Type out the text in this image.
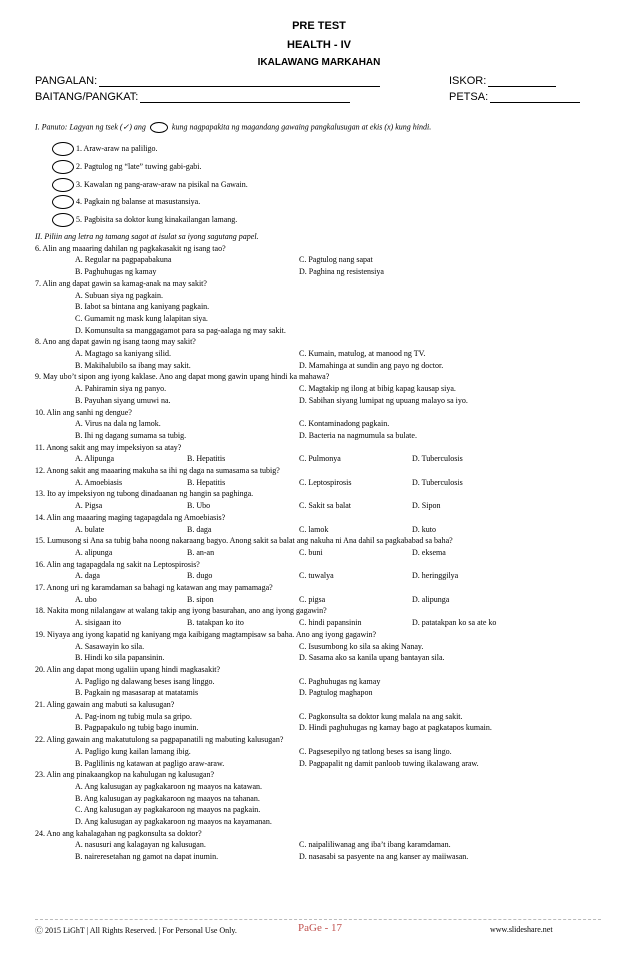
PRE TEST
HEALTH - IV
IKALAWANG MARKAHAN
PANGALAN:	ISKOR:
BAITANG/PANGKAT:	PETSA:
I. Panuto: Lagyan ng tsek (✓) ang	kung nagpapakita ng magandang gawaing pangkalusugan at ekis (x) kung hindi.
1. Araw-araw na paliligo.
2. Pagtulog ng “late” tuwing gabi-gabi.
3. Kawalan ng pang-araw-araw na pisikal na Gawain.
4. Pagkain ng balanse at masustansiya.
5. Pagbisita sa doktor kung kinakailangan lamang.
II. Piliin ang letra ng tamang sagot at isulat sa iyong sagutang papel.
6. Alin ang maaaring dahilan ng pagkakasakit ng isang tao?
A. Regular na pagpapabakuna	C. Pagtulog nang sapat
B. Paghuhugas ng kamay	D. Paghina ng resistensiya
7. Alin ang dapat gawin sa kamag-anak na may sakit?
A. Subuan siya ng pagkain.
B. Iabot sa bintana ang kaniyang pagkain.
C. Gumamit ng mask kung lalapitan siya.
D. Komunsulta sa manggagamot para sa pag-aalaga ng may sakit.
8. Ano ang dapat gawin ng isang taong may sakit?
A. Magtago sa kaniyang silid.	C. Kumain, matulog, at manood ng TV.
B. Makihalubilo sa ibang may sakit.	D. Mamahinga at sundin ang payo ng doctor.
9. May ubo’t sipon ang iyong kaklase. Ano ang dapat mong gawin upang hindi ka mahawa?
A. Pahiramin siya ng panyo.	C. Magtakip ng ilong at bibig kapag kausap siya.
B. Payuhan siyang umuwi na.	D. Sabihan siyang lumipat ng upuang malayo sa iyo.
10. Alin ang sanhi ng dengue?
A. Virus na dala ng lamok.	C. Kontaminadong pagkain.
B. Ihi ng dagang sumama sa tubig.	D. Bacteria na nagmumula sa bulate.
11. Anong sakit ang may impeksiyon sa atay?
A. Alipunga	B. Hepatitis	C. Pulmonya	D. Tuberculosis
12. Anong sakit ang maaaring makuha sa ihi ng daga na sumasama sa tubig?
A. Amoebiasis	B. Hepatitis	C. Leptospirosis	D. Tuberculosis
13. Ito ay impeksiyon ng tubong dinadaanan ng hangin sa paghinga.
A. Pigsa	B. Ubo	C. Sakit sa balat	D. Sipon
14. Alin ang maaaring maging tagapagdala ng Amoebiasis?
A. bulate	B. daga	C. lamok	D. kuto
15. Lumusong si Ana sa tubig baha noong nakaraang bagyo. Anong sakit sa balat ang nakuha ni Ana dahil sa pagkababad sa baha?
A. alipunga	B. an-an	C. buni	D. eksema
16. Alin ang tagapagdala ng sakit na Leptospirosis?
A. daga	B. dugo	C. tuwalya	D. heringgilya
17. Anong uri ng karamdaman sa bahagi ng katawan ang may pamamaga?
A. ubo	B. sipon	C. pigsa	D. alipunga
18. Nakita mong nilalangaw at walang takip ang iyong basurahan, ano ang iyong gagawin?
A. sisigaan ito	B. tatakpan ko ito	C. hindi papansinin	D. patatakpan ko sa ate ko
19. Niyaya ang iyong kapatid ng kaniyang mga kaibigang magtampisaw sa baha. Ano ang iyong gagawin?
A. Sasawayin ko sila.	C. Isusumbong ko sila sa aking Nanay.
B. Hindi ko sila papansinin.	D. Sasama ako sa kanila upang bantayan sila.
20. Alin ang dapat mong ugaliin upang hindi magkasakit?
A. Pagligo ng dalawang beses isang linggo.	C. Paghuhugas ng kamay
B. Pagkain ng masasarap at matatamis	D. Pagtulog maghapon
21. Aling gawain ang mabuti sa kalusugan?
A. Pag-inom ng tubig mula sa gripo.	C. Pagkonsulta sa doktor kung malala na ang sakit.
B. Pagpapakulo ng tubig bago inumin.	D. Hindi paghuhugas ng kamay bago at pagkatapos kumain.
22. Aling gawain ang makatutulong sa pagpapanatili ng mabuting kalusugan?
A. Pagligo kung kailan lamang ibig.	C. Pagsesepilyo ng tatlong beses sa isang lingo.
B. Paglilinis ng katawan at pagligo araw-araw.	D. Pagpapalit ng damit panloob tuwing ikalawang araw.
23. Alin ang pinakaangkop na kahulugan ng kalusugan?
A. Ang kalusugan ay pagkakaroon ng maayos na katawan.
B. Ang kalusugan ay pagkakaroon ng maayos na tahanan.
C. Ang kalusugan ay pagkakaroon ng maayos na pagkain.
D. Ang kalusugan ay pagkakaroon ng maayos na kayamanan.
24. Ano ang kahalagahan ng pagkonsulta sa doktor?
A. nasusuri ang kalagayan ng kalusugan.	C. naipaliliwanag ang iba’t ibang karamdaman.
B. naireresetahan ng gamot na dapat inumin.	D. nasasabi sa pasyente na ang kanser ay maiiwasan.
Ⓒ 2015 LiGhT | All Rights Reserved. | For Personal Use Only.	PaGe - 17	www.slideshare.net
